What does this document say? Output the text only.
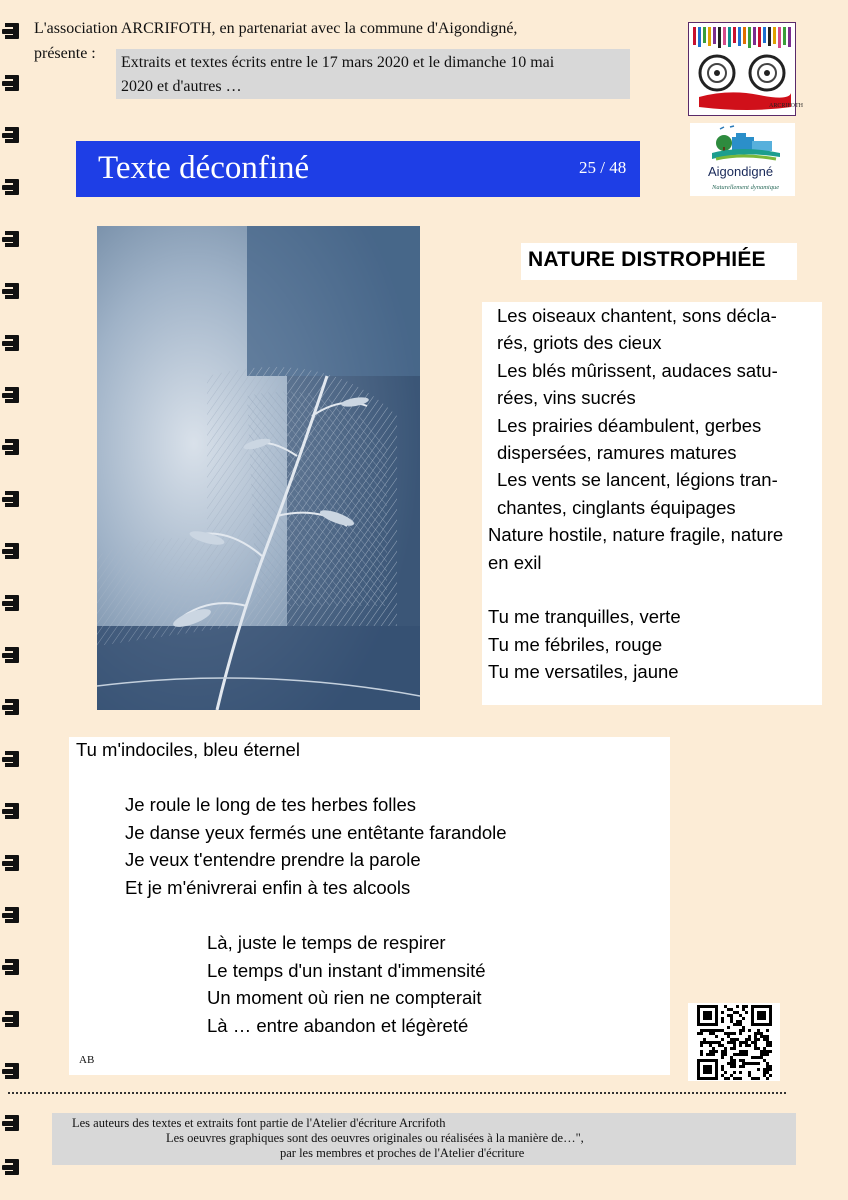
L'association ARCRIFOTH, en partenariat avec la commune d'Aigondigné,
présente :
Extraits et textes écrits entre le 17 mars 2020 et le dimanche 10 mai
2020 et d'autres …
ARCRIFOTH
Aigondigné
Naturellement dynamique
Texte déconfiné	25 / 48
NATURE DISTROPHIÉE
Les oiseaux chantent, sons décla-
rés, griots des cieux
Les blés mûrissent, audaces satu-
rées, vins sucrés
Les prairies déambulent, gerbes
dispersées, ramures matures
Les vents se lancent, légions tran-
chantes, cinglants équipages
Nature hostile, nature fragile, nature
en exil
Tu me tranquilles, verte
Tu me fébriles, rouge
Tu me versatiles, jaune
Tu m'indociles, bleu éternel
Je roule le long de tes herbes folles
Je danse yeux fermés une entêtante farandole
Je veux t'entendre prendre la parole
Et je m'énivrerai enfin à tes alcools
Là, juste le temps de respirer
Le temps d'un instant d'immensité
Un moment où rien ne compterait
Là … entre abandon et légèreté
AB
Les auteurs des textes et extraits font partie de l'Atelier d'écriture Arcrifoth
Les oeuvres graphiques sont des oeuvres originales ou réalisées à la manière de…",
par les membres et proches de l'Atelier d'écriture
